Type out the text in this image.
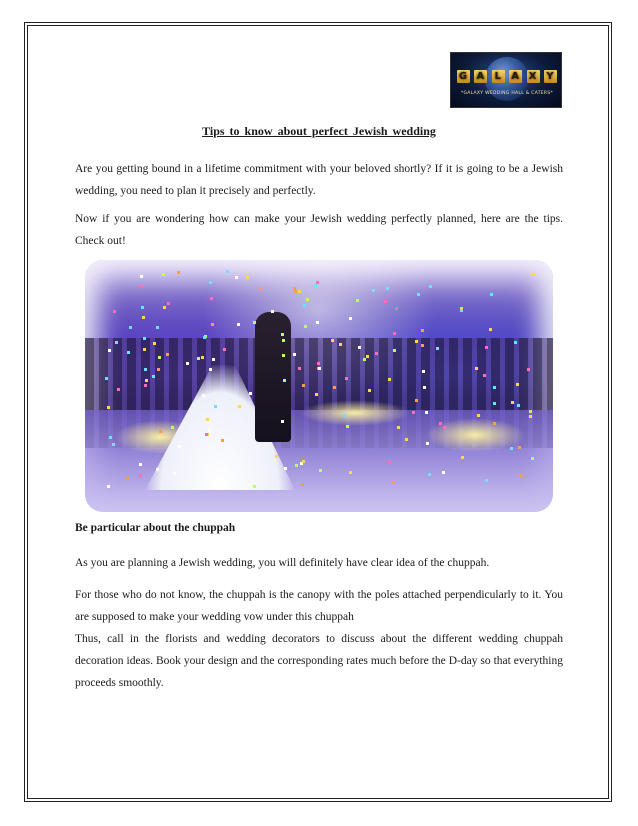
G A L A X Y
*GALAXY WEDDING HALL & CATERS*
Tips to know about perfect Jewish wedding

Are you getting bound in a lifetime commitment with your beloved shortly? If it is going to be a Jewish wedding, you need to plan it precisely and perfectly.

Now if you are wondering how can make your Jewish wedding perfectly planned, here are the tips. Check out!

Be particular about the chuppah

As you are planning a Jewish wedding, you will definitely have clear idea of the chuppah.

For those who do not know, the chuppah is the canopy with the poles attached perpendicularly to it. You are supposed to make your wedding vow under this chuppah

Thus, call in the florists and wedding decorators to discuss about the different wedding chuppah decoration ideas. Book your design and the corresponding rates much before the D-day so that everything proceeds smoothly.
